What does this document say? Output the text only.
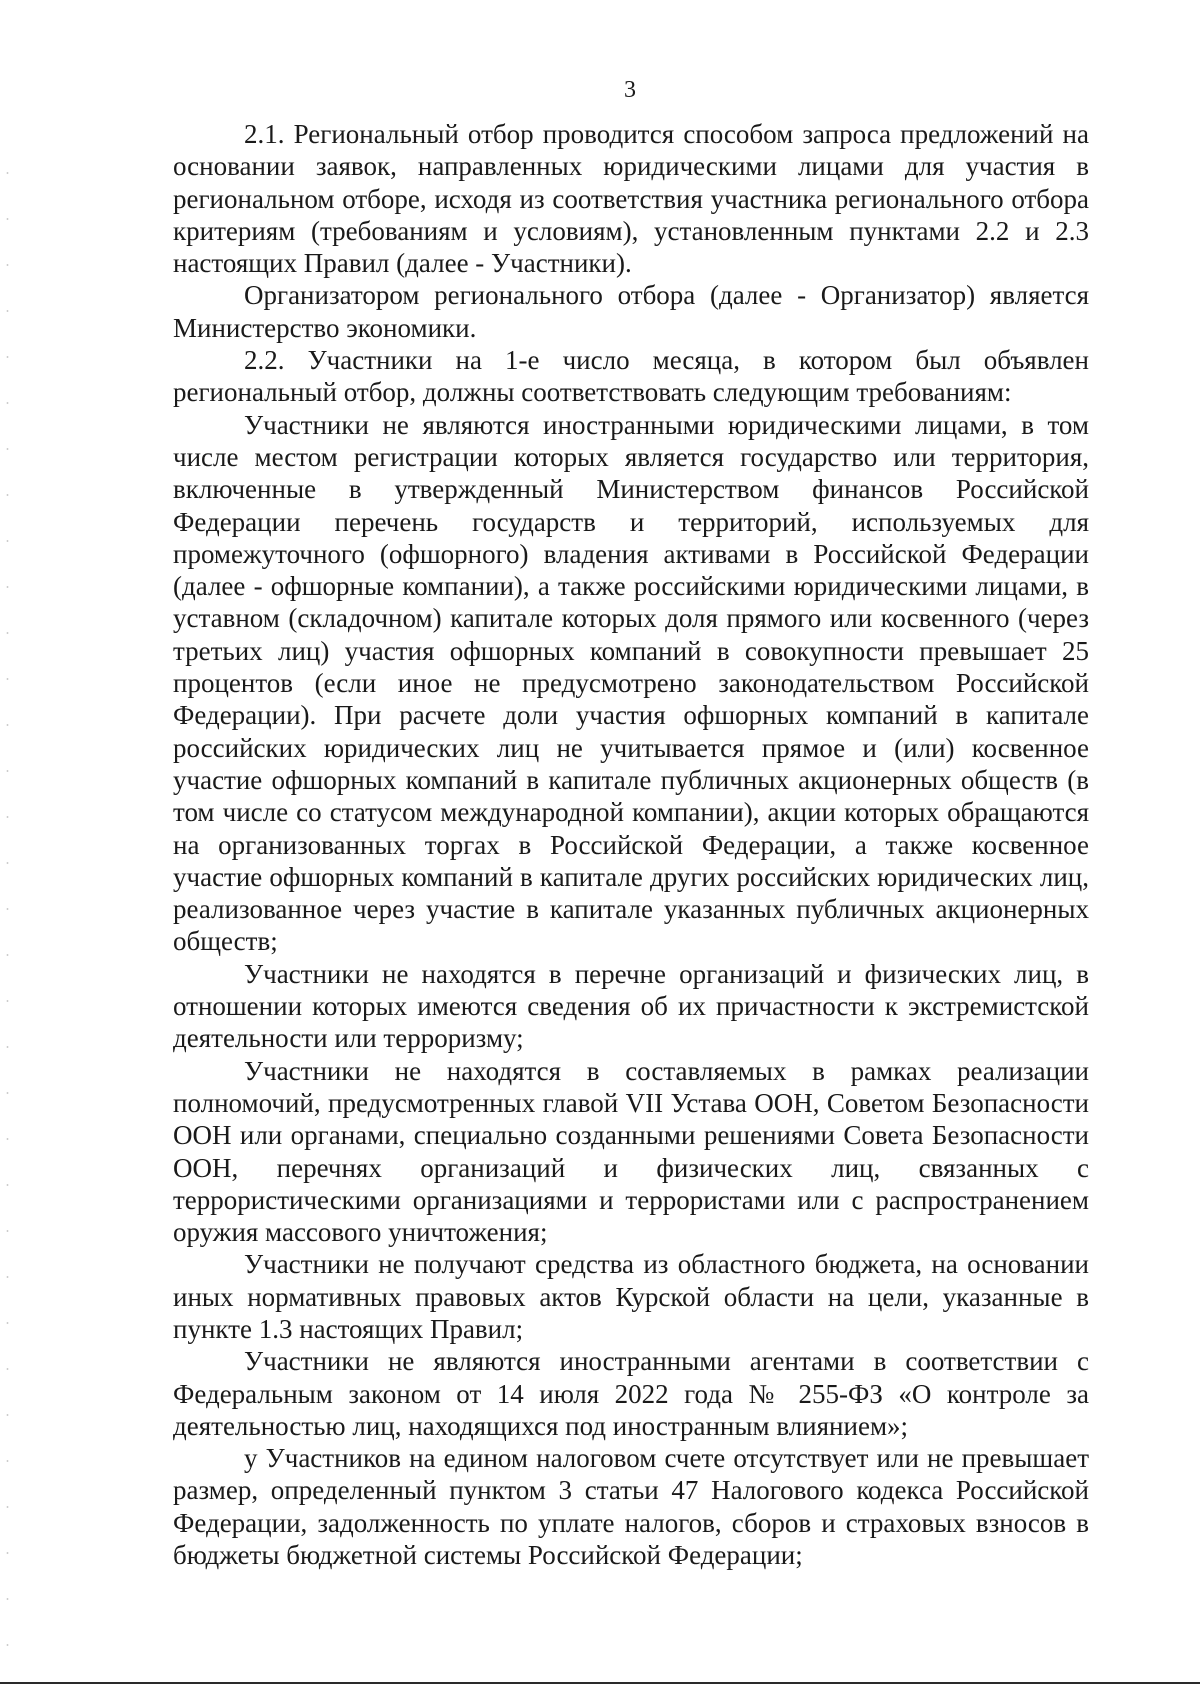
3

2.1. Региональный отбор проводится способом запроса предложений на основании заявок, направленных юридическими лицами для участия в региональном отборе, исходя из соответствия участника регионального отбора критериям (требованиям и условиям), установленным пунктами 2.2 и 2.3 настоящих Правил (далее - Участники).

Организатором регионального отбора (далее - Организатор) является Министерство экономики.

2.2. Участники на 1-е число месяца, в котором был объявлен региональный отбор, должны соответствовать следующим требованиям:

Участники не являются иностранными юридическими лицами, в том числе местом регистрации которых является государство или территория, включенные в утвержденный Министерством финансов Российской Федерации перечень государств и территорий, используемых для промежуточного (офшорного) владения активами в Российской Федерации (далее - офшорные компании), а также российскими юридическими лицами, в уставном (складочном) капитале которых доля прямого или косвенного (через третьих лиц) участия офшорных компаний в совокупности превышает 25 процентов (если иное не предусмотрено законодательством Российской Федерации). При расчете доли участия офшорных компаний в капитале российских юридических лиц не учитывается прямое и (или) косвенное участие офшорных компаний в капитале публичных акционерных обществ (в том числе со статусом международной компании), акции которых обращаются на организованных торгах в Российской Федерации, а также косвенное участие офшорных компаний в капитале других российских юридических лиц, реализованное через участие в капитале указанных публичных акционерных обществ;

Участники не находятся в перечне организаций и физических лиц, в отношении которых имеются сведения об их причастности к экстремистской деятельности или терроризму;

Участники не находятся в составляемых в рамках реализации полномочий, предусмотренных главой VII Устава ООН, Советом Безопасности ООН или органами, специально созданными решениями Совета Безопасности ООН, перечнях организаций и физических лиц, связанных с террористическими организациями и террористами или с распространением оружия массового уничтожения;

Участники не получают средства из областного бюджета, на основании иных нормативных правовых актов Курской области на цели, указанные в пункте 1.3 настоящих Правил;

Участники не являются иностранными агентами в соответствии с Федеральным законом от 14 июля 2022 года № 255-ФЗ «О контроле за деятельностью лиц, находящихся под иностранным влиянием»;

у Участников на едином налоговом счете отсутствует или не превышает размер, определенный пунктом 3 статьи 47 Налогового кодекса Российской Федерации, задолженность по уплате налогов, сборов и страховых взносов в бюджеты бюджетной системы Российской Федерации;
